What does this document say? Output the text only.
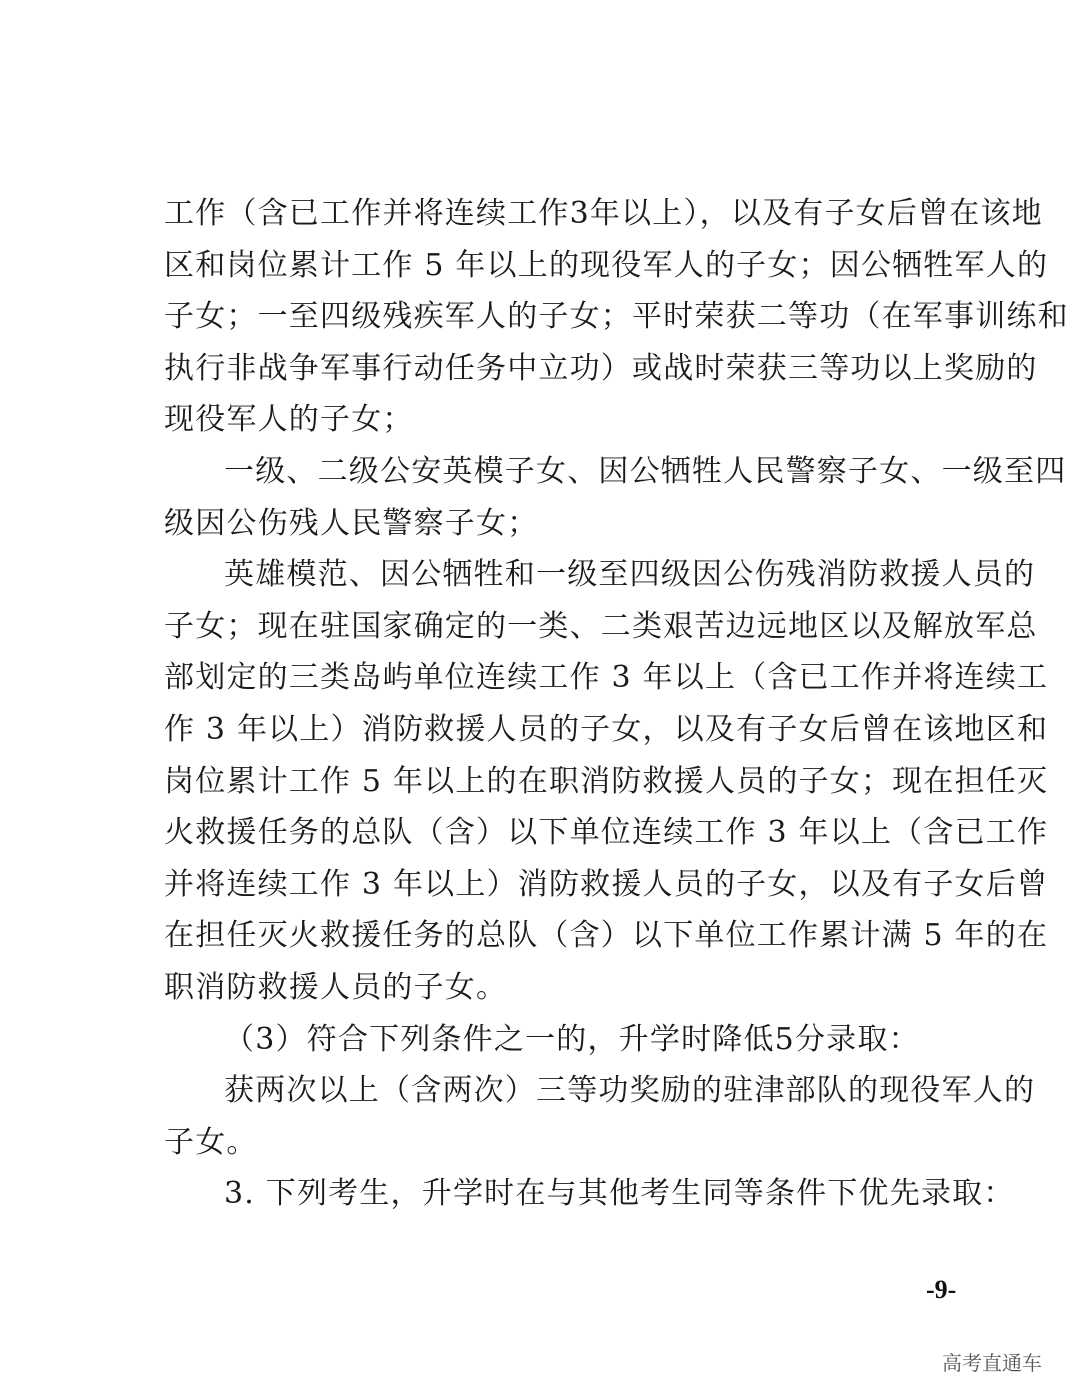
工作（含已工作并将连续工作3年以上），以及有子女后曾在该地
区和岗位累计工作 5 年以上的现役军人的子女；因公牺牲军人的
子女；一至四级残疾军人的子女；平时荣获二等功（在军事训练和
执行非战争军事行动任务中立功）或战时荣获三等功以上奖励的
现役军人的子女；
一级、二级公安英模子女、因公牺牲人民警察子女、一级至四
级因公伤残人民警察子女；
英雄模范、因公牺牲和一级至四级因公伤残消防救援人员的
子女；现在驻国家确定的一类、二类艰苦边远地区以及解放军总
部划定的三类岛屿单位连续工作 3 年以上（含已工作并将连续工
作 3 年以上）消防救援人员的子女，以及有子女后曾在该地区和
岗位累计工作 5 年以上的在职消防救援人员的子女；现在担任灭
火救援任务的总队（含）以下单位连续工作 3 年以上（含已工作
并将连续工作 3 年以上）消防救援人员的子女，以及有子女后曾
在担任灭火救援任务的总队（含）以下单位工作累计满 5 年的在
职消防救援人员的子女。
（3）符合下列条件之一的，升学时降低5分录取：
获两次以上（含两次）三等功奖励的驻津部队的现役军人的
子女。
3. 下列考生，升学时在与其他考生同等条件下优先录取：
-9-
高考直通车
